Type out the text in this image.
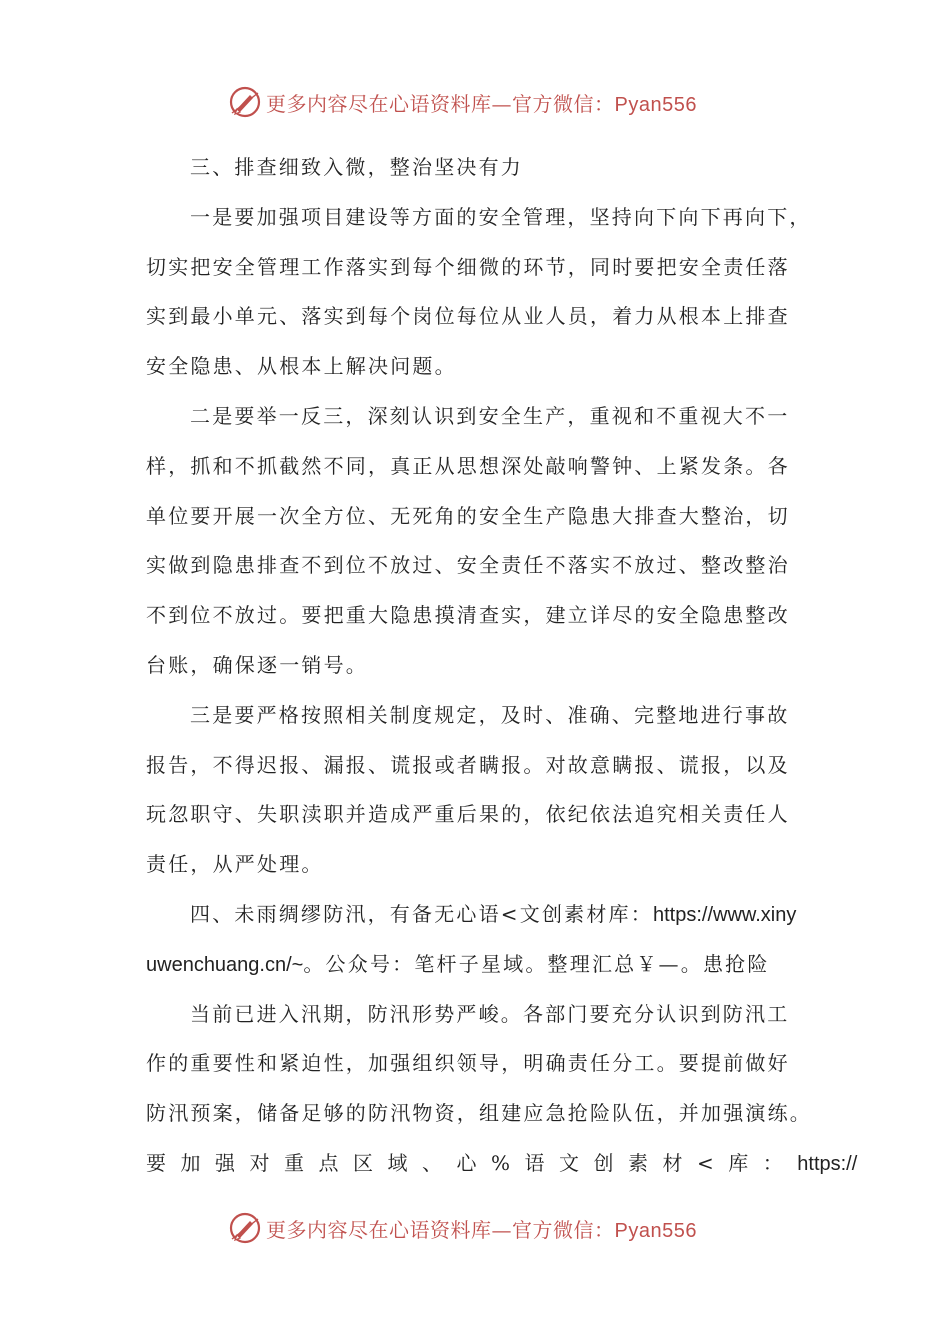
更多内容尽在心语资料库—官方微信：Pyan556
三、排查细致入微，整治坚决有力
一是要加强项目建设等方面的安全管理，坚持向下向下再向下，
切实把安全管理工作落实到每个细微的环节，同时要把安全责任落
实到最小单元、落实到每个岗位每位从业人员，着力从根本上排查
安全隐患、从根本上解决问题。
二是要举一反三，深刻认识到安全生产，重视和不重视大不一
样，抓和不抓截然不同，真正从思想深处敲响警钟、上紧发条。各
单位要开展一次全方位、无死角的安全生产隐患大排查大整治，切
实做到隐患排查不到位不放过、安全责任不落实不放过、整改整治
不到位不放过。要把重大隐患摸清查实，建立详尽的安全隐患整改
台账，确保逐一销号。
三是要严格按照相关制度规定，及时、准确、完整地进行事故
报告，不得迟报、漏报、谎报或者瞒报。对故意瞒报、谎报，以及
玩忽职守、失职渎职并造成严重后果的，依纪依法追究相关责任人
责任，从严处理。
四、未雨绸缪防汛，有备无心语<文创素材库：https://www.xiny
uwenchuang.cn/~。公众号：笔杆子星域。整理汇总￥—。患抢险
当前已进入汛期，防汛形势严峻。各部门要充分认识到防汛工
作的重要性和紧迫性，加强组织领导，明确责任分工。要提前做好
防汛预案，储备足够的防汛物资，组建应急抢险队伍，并加强演练。
要加强对重点区域、心%语文创素材<库：https://
更多内容尽在心语资料库—官方微信：Pyan556
